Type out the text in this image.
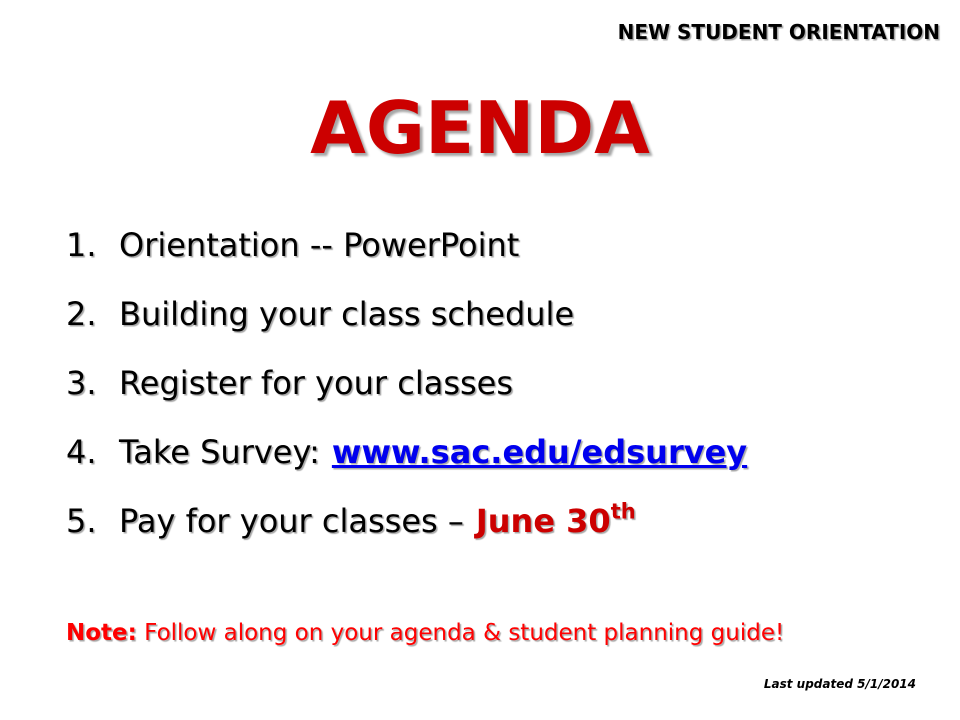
NEW STUDENT ORIENTATION
AGENDA
1. Orientation -- PowerPoint
2. Building your class schedule
3. Register for your classes
4. Take Survey: www.sac.edu/edsurvey
5. Pay for your classes – June 30th
Note: Follow along on your agenda & student planning guide!
Last updated 5/1/2014
